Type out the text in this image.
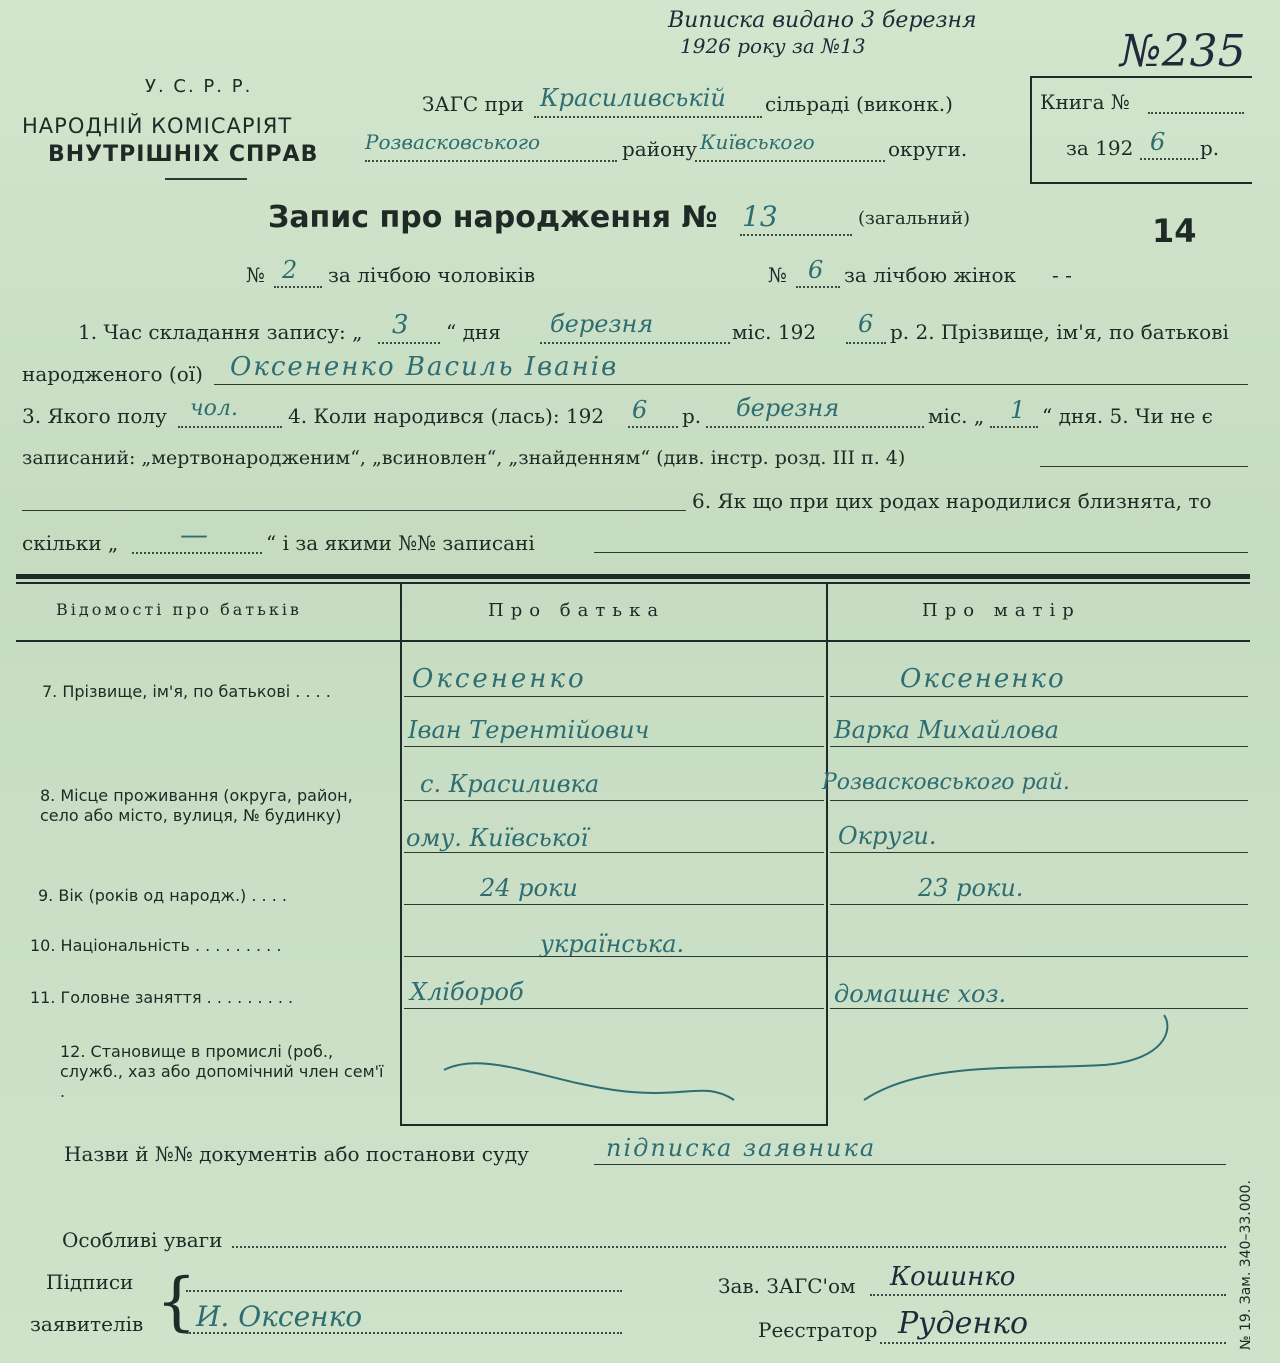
Виписка видано 3 березня
1926 року за №13	№235
У. С. Р. Р.
НАРОДНІЙ КОМІСАРІЯТ
ВНУТРІШНІХ СПРАВ
ЗАГС при Красиливській сільраді (виконк.)
Розвасковського	району Київського	округи.
Книга №
за 192 6 р.
Запис про народження № 13	(загальний)	14
№ 2 за лічбою чоловіків	№ 6 за лічбою жінок - -
1. Час складання запису: „ 3 “ дня березня	міс. 192 6 р. 2. Прізвище, ім'я, по батькові
народженого (ої) Оксененко Василь Іванів
3. Якого полу чол.	4. Коли народився (лась): 192 6 р. березня	міс. „ 1 “ дня. 5. Чи не є
записаний: „мертвонародженим“, „всиновлен“, „знайденням“ (див. інстр. розд. III п. 4)
6. Як що при цих родах народилися близнята, то
скільки „ —	“ і за якими №№ записані
Відомості про батьків	Про батька	Про матір
7. Прізвище, ім'я, по батькові . . . .	Оксененко	Оксененко
Іван Терентійович	Варка Михайлова
8. Місце проживання (округа, район, село або місто, вулиця, № будинку)
с. Красиливка	Розвасковського рай.
ому. Київської	Округи.
9. Вік (років од народж.) . . . .	24 роки	23 роки.
10. Національність . . . . . . . . .	українська.
11. Головне заняття . . . . . . . . .	Хлібороб	домашнє хоз.
12. Становище в промислі (роб., служб., хаз або допомічний член сем'ї .
Назви й №№ документів або постанови суду	підписка заявника
Особливі уваги
Підписи
заявителів { И. Оксенко
Зав. ЗАГС'ом Кошинко
Реєстратор Руденко	№ 19. Зам. 340–33.000.
